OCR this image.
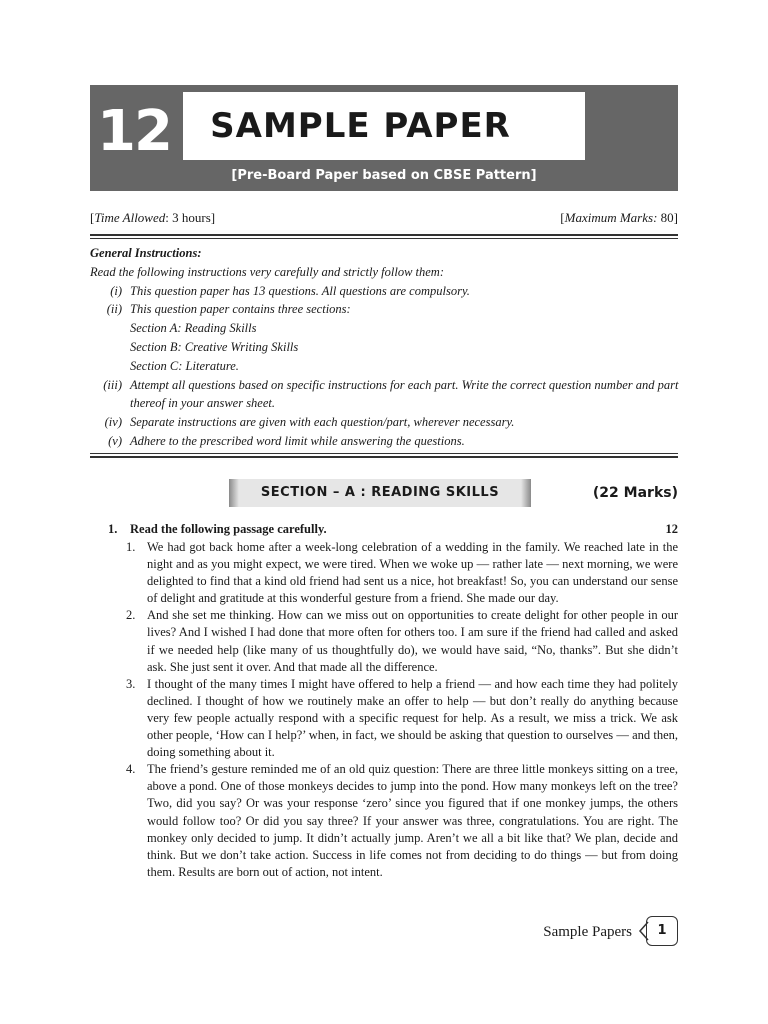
12	SAMPLE PAPER
[Pre-Board Paper based on CBSE Pattern]
[Time Allowed: 3 hours]	[Maximum Marks: 80]
General Instructions:
Read the following instructions very carefully and strictly follow them:
(i) This question paper has 13 questions. All questions are compulsory.
(ii) This question paper contains three sections:
Section A: Reading Skills
Section B: Creative Writing Skills
Section C: Literature.
(iii) Attempt all questions based on specific instructions for each part. Write the correct question number and part thereof in your answer sheet.
(iv) Separate instructions are given with each question/part, wherever necessary.
(v) Adhere to the prescribed word limit while answering the questions.
SECTION – A : READING SKILLS	(22 Marks)
1. Read the following passage carefully.	12

1. We had got back home after a week-long celebration of a wedding in the family. We reached late in the night and as you might expect, we were tired. When we woke up — rather late — next morning, we were delighted to find that a kind old friend had sent us a nice, hot breakfast! So, you can understand our sense of delight and gratitude at this wonderful gesture from a friend. She made our day.

2. And she set me thinking. How can we miss out on opportunities to create delight for other people in our lives? And I wished I had done that more often for others too. I am sure if the friend had called and asked if we needed help (like many of us thoughtfully do), we would have said, “No, thanks”. But she didn’t ask. She just sent it over. And that made all the difference.

3. I thought of the many times I might have offered to help a friend — and how each time they had politely declined. I thought of how we routinely make an offer to help — but don’t really do anything because very few people actually respond with a specific request for help. As a result, we miss a trick. We ask other people, ‘How can I help?’ when, in fact, we should be asking that question to ourselves — and then, doing something about it.

4. The friend’s gesture reminded me of an old quiz question: There are three little monkeys sitting on a tree, above a pond. One of those monkeys decides to jump into the pond. How many monkeys left on the tree? Two, did you say? Or was your response ‘zero’ since you figured that if one monkey jumps, the others would follow too? Or did you say three? If your answer was three, congratulations. You are right. The monkey only decided to jump. It didn’t actually jump. Aren’t we all a bit like that? We plan, decide and think. But we don’t take action. Success in life comes not from deciding to do things — but from doing them. Results are born out of action, not intent.

Sample Papers	1
